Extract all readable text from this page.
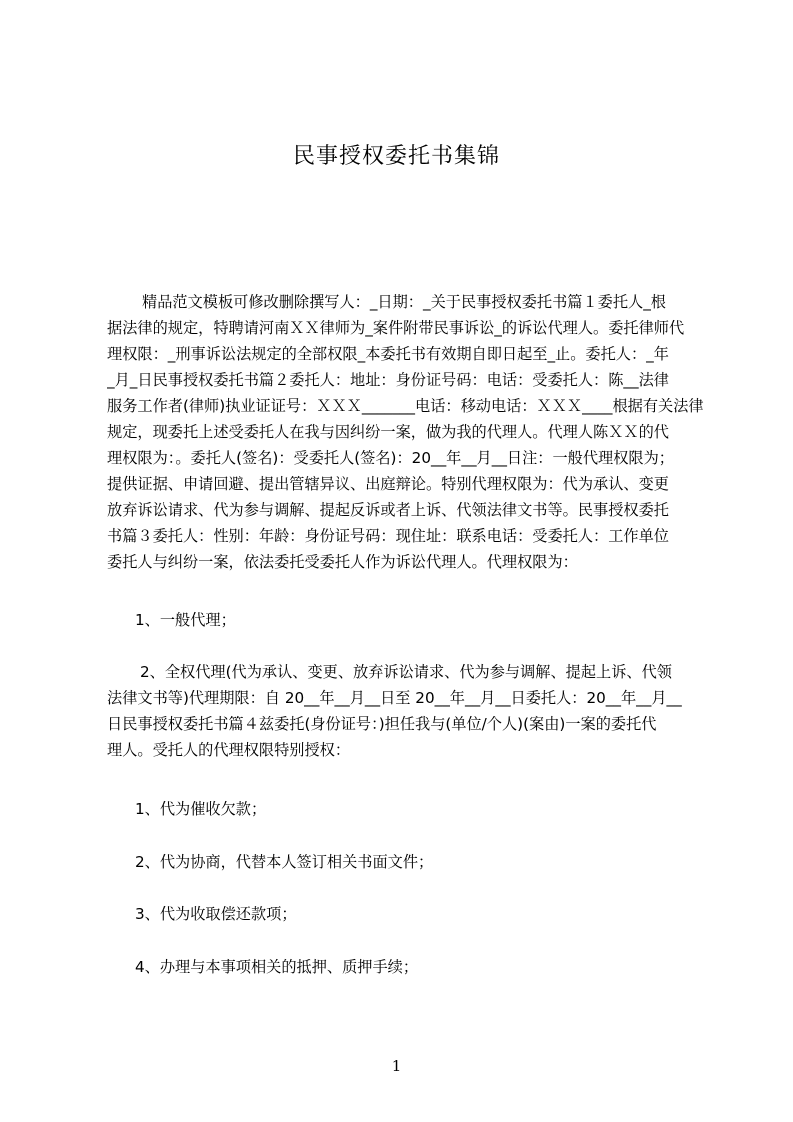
民事授权委托书集锦
精品范文模板可修改删除撰写人：_日期：_关于民事授权委托书篇１委托人_根
据法律的规定，特聘请河南ＸＸ律师为_案件附带民事诉讼_的诉讼代理人。委托律师代
理权限：_刑事诉讼法规定的全部权限_本委托书有效期自即日起至_止。委托人：_年
_月_日民事授权委托书篇２委托人：地址：身份证号码：电话：受委托人：陈__法律
服务工作者(律师)执业证证号：ＸＸＸ_______电话：移动电话：ＸＸＸ____根据有关法律
规定，现委托上述受委托人在我与因纠纷一案，做为我的代理人。代理人陈ＸＸ的代
理权限为：。委托人(签名)：受委托人(签名)：20__年__月__日注：一般代理权限为；
提供证据、申请回避、提出管辖异议、出庭辩论。特别代理权限为：代为承认、变更
放弃诉讼请求、代为参与调解、提起反诉或者上诉、代领法律文书等。民事授权委托
书篇３委托人：性别：年龄：身份证号码：现住址：联系电话：受委托人：工作单位
委托人与纠纷一案，依法委托受委托人作为诉讼代理人。代理权限为：
1、一般代理；
2、全权代理(代为承认、变更、放弃诉讼请求、代为参与调解、提起上诉、代领
法律文书等)代理期限：自 20__年__月__日至 20__年__月__日委托人：20__年__月__
日民事授权委托书篇４兹委托(身份证号：)担任我与(单位/个人)(案由)一案的委托代
理人。受托人的代理权限特别授权：
1、代为催收欠款；
2、代为协商，代替本人签订相关书面文件；
3、代为收取偿还款项；
4、办理与本事项相关的抵押、质押手续；
1
